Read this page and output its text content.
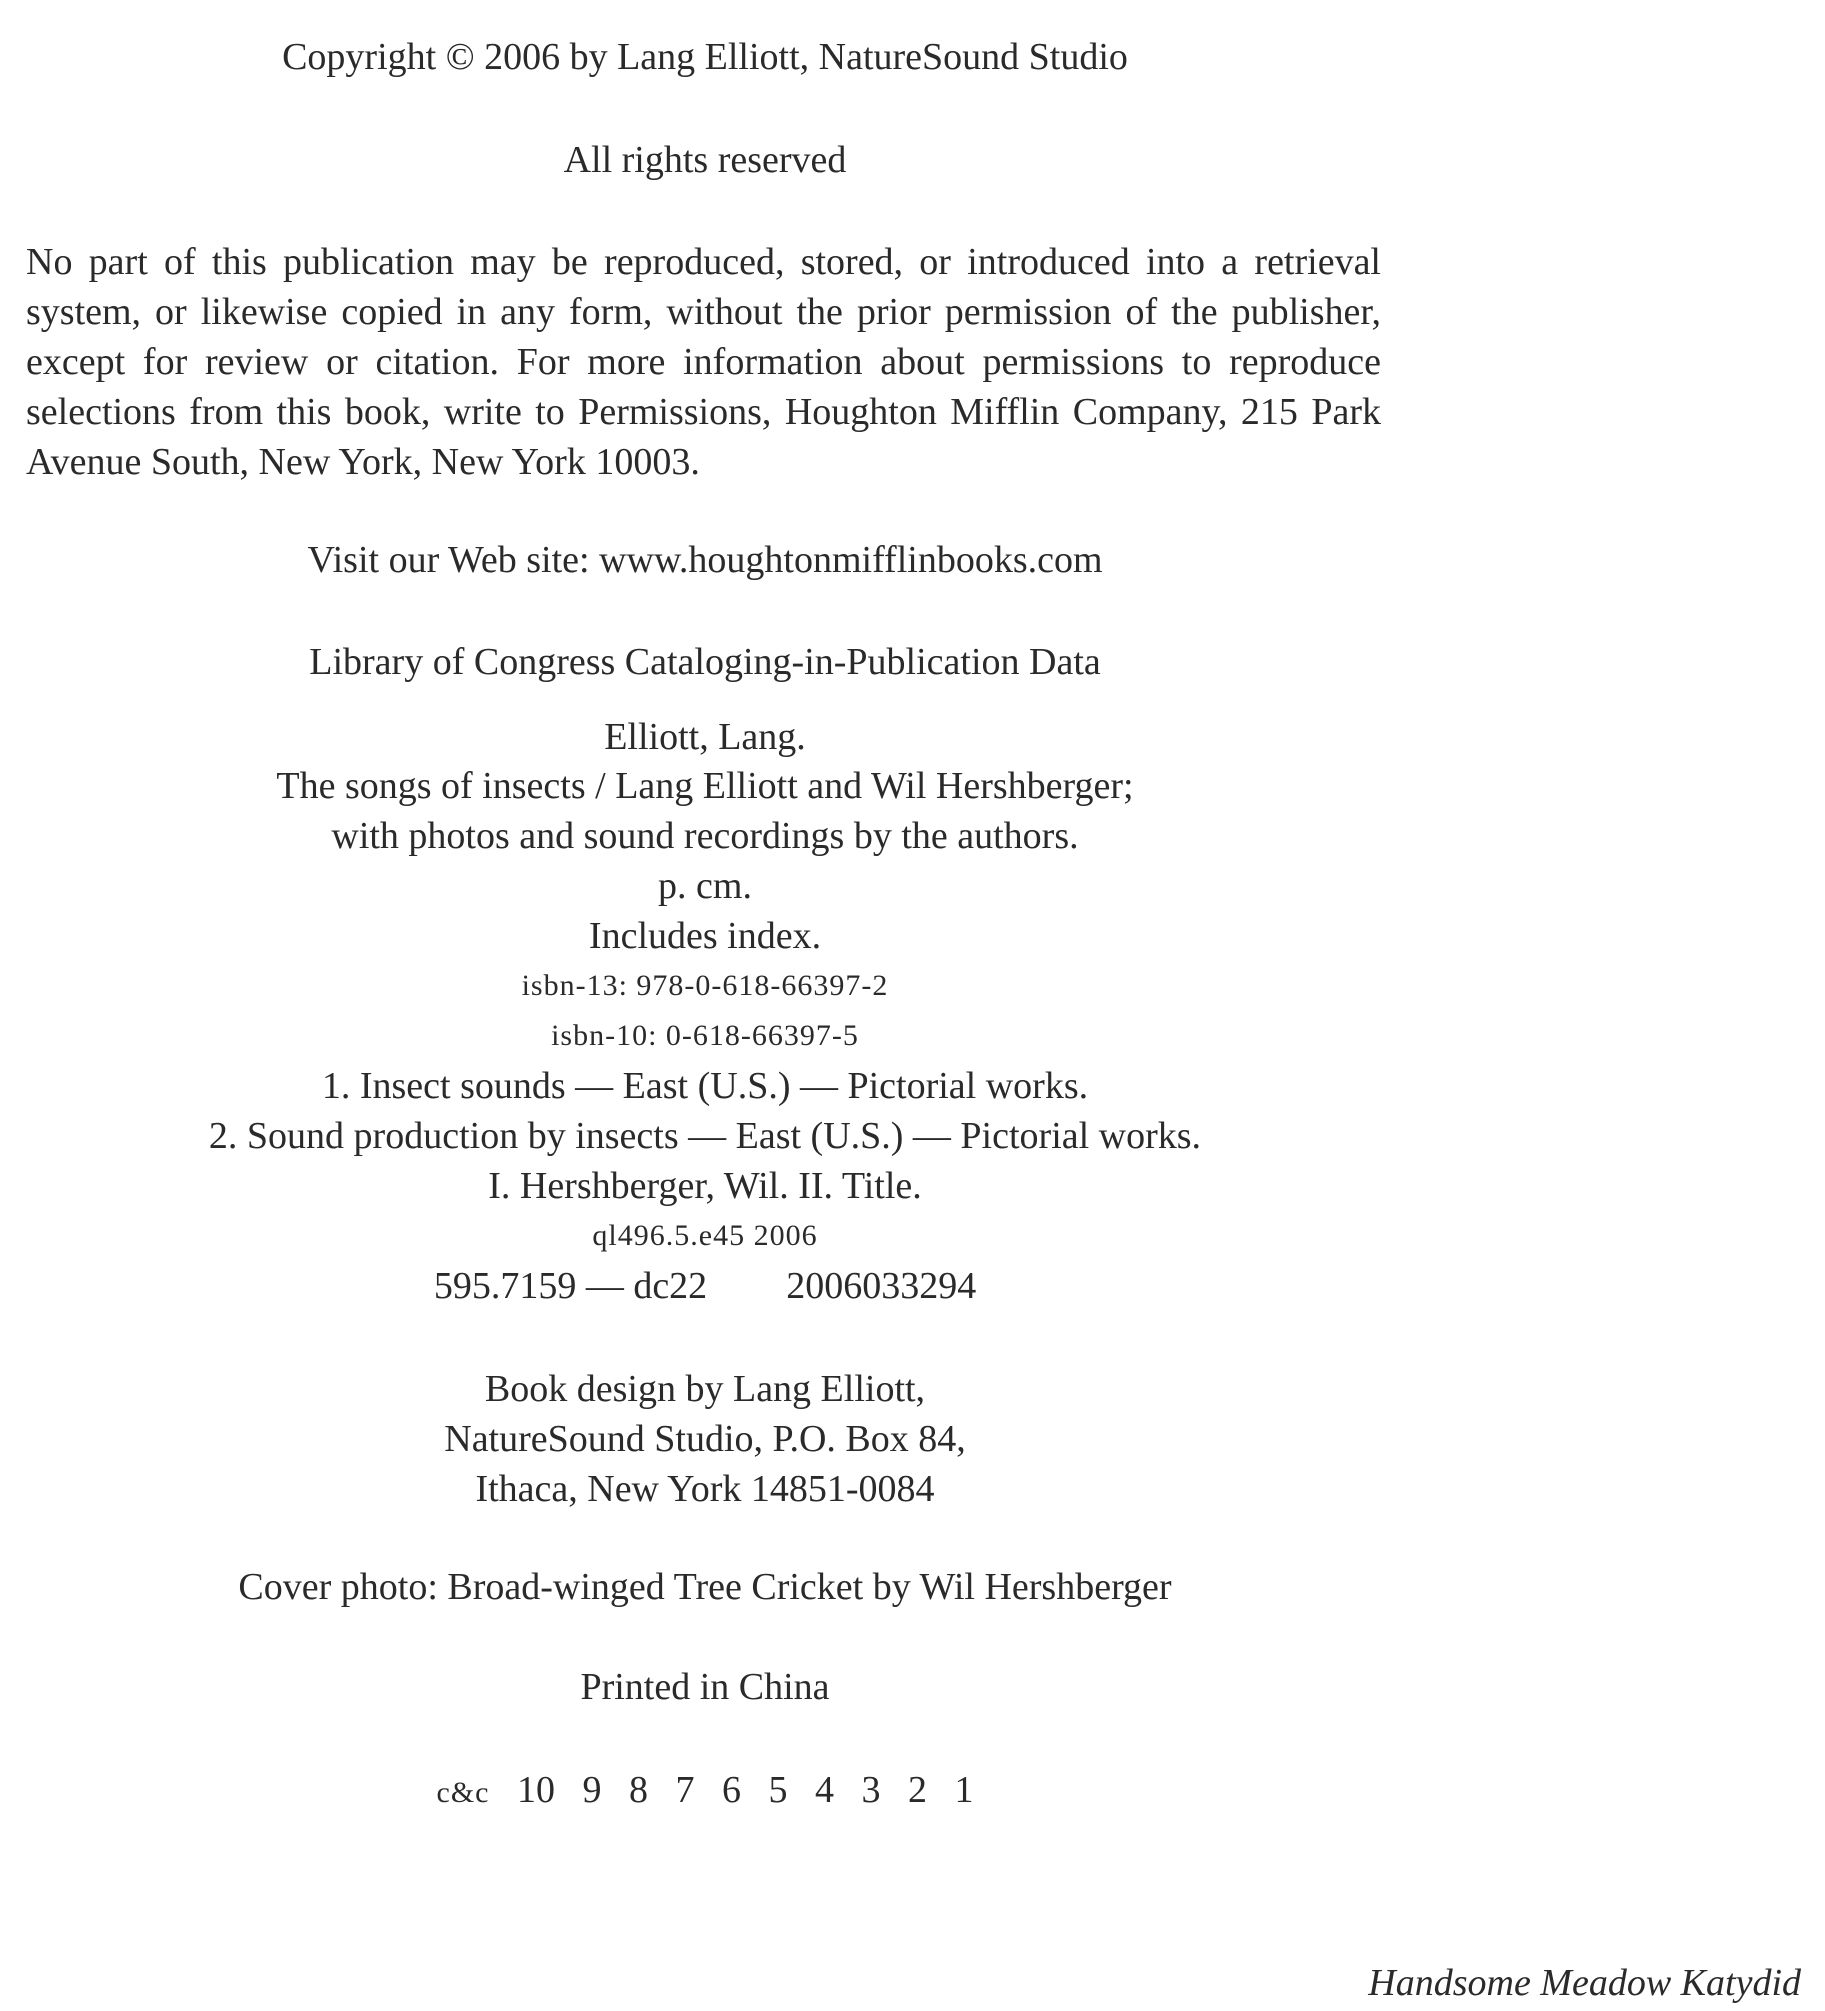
Copyright © 2006 by Lang Elliott, NatureSound Studio
All rights reserved
No part of this publication may be reproduced, stored, or introduced into a retrieval system, or likewise copied in any form, without the prior permission of the publisher, except for review or citation. For more information about permissions to reproduce selections from this book, write to Permissions, Houghton Mifflin Company, 215 Park Avenue South, New York, New York 10003.
Visit our Web site: www.houghtonmifflinbooks.com
Library of Congress Cataloging-in-Publication Data
Elliott, Lang.
The songs of insects / Lang Elliott and Wil Hershberger;
with photos and sound recordings by the authors.
p. cm.
Includes index.
isbn-13: 978-0-618-66397-2
isbn-10: 0-618-66397-5
1. Insect sounds — East (U.S.) — Pictorial works.
2. Sound production by insects — East (U.S.) — Pictorial works.
I. Hershberger, Wil. II. Title.
ql496.5.e45 2006
595.7159 — dc22 2006033294
Book design by Lang Elliott,
NatureSound Studio, P.O. Box 84,
Ithaca, New York 14851-0084
Cover photo: Broad-winged Tree Cricket by Wil Hershberger
Printed in China
c&c 10 9 8 7 6 5 4 3 2 1
Handsome Meadow Katydid
